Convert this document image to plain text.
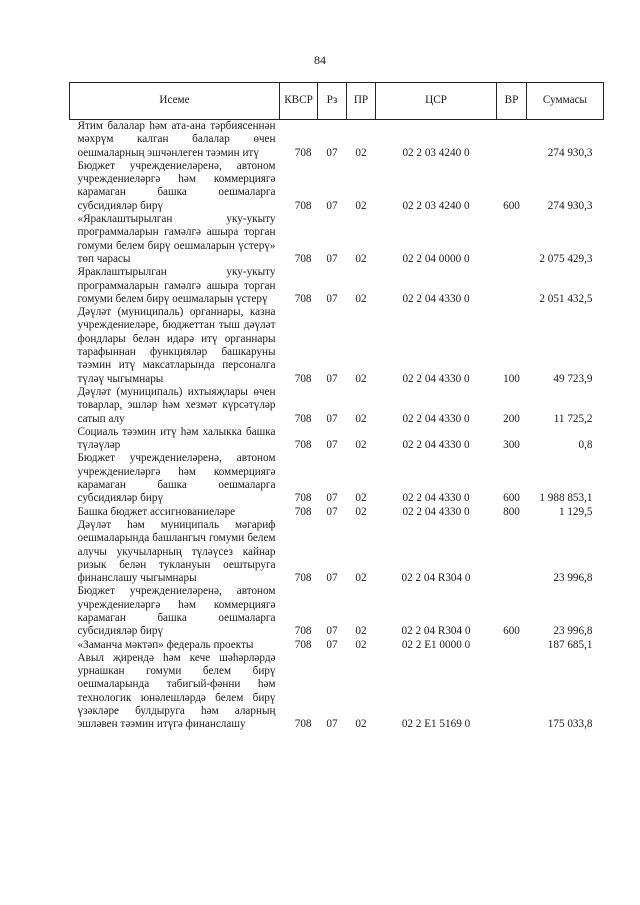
84
Исеме	КВСР	Рз	ПР	ЦСР	ВР	Суммасы
Ятим балалар һәм ата-ана тәрбиясеннән мәхрүм калган балалар өчен оешмаларның эшчәнлеген тәэмин итү	708	07	02	02 2 03 4240 0		274 930,3
Бюджет учреждениеләренә, автоном учреждениеләргә һәм коммерциягә карамаган башка оешмаларга субсидияләр бирү	708	07	02	02 2 03 4240 0	600	274 930,3
«Яраклаштырылган уку-укыту программаларын гамәлгә ашыра торган гомуми белем бирү оешмаларын үстерү» төп чарасы	708	07	02	02 2 04 0000 0		2 075 429,3
Яраклаштырылган уку-укыту программаларын гамәлгә ашыра торган гомуми белем бирү оешмаларын үстерү	708	07	02	02 2 04 4330 0		2 051 432,5
Дәүләт (муниципаль) органнары, казна учреждениеләре, бюджеттан тыш дәүләт фондлары белән идарә итү органнары тарафыннан функцияләр башкаруны тәэмин итү максатларында персоналга түләү чыгымнары	708	07	02	02 2 04 4330 0	100	49 723,9
Дәүләт (муниципаль) ихтыяҗлары өчен товарлар, эшләр һәм хезмәт күрсәтүләр сатып алу	708	07	02	02 2 04 4330 0	200	11 725,2
Социаль тәэмин итү һәм халыкка башка түләүләр	708	07	02	02 2 04 4330 0	300	0,8
Бюджет учреждениеләренә, автоном учреждениеләргә һәм коммерциягә карамаган башка оешмаларга субсидияләр бирү	708	07	02	02 2 04 4330 0	600	1 988 853,1
Башка бюджет ассигнованиеләре	708	07	02	02 2 04 4330 0	800	1 129,5
Дәүләт һәм муниципаль мәгариф оешмаларында башлангыч гомуми белем алучы укучыларның түләүсез кайнар ризык белән туклануын оештыруга финанслашу чыгымнары	708	07	02	02 2 04 R304 0		23 996,8
Бюджет учреждениеләренә, автоном учреждениеләргә һәм коммерциягә карамаган башка оешмаларга субсидияләр бирү	708	07	02	02 2 04 R304 0	600	23 996,8
«Заманча мәктәп» федераль проекты	708	07	02	02 2 E1 0000 0		187 685,1
Авыл җирендә һәм кече шәһәрләрдә урнашкан гомуми белем бирү оешмаларында табигый-фәнни һәм технологик юнәлешләрдә белем бирү үзәкләре булдыруга һәм аларның эшләвен тәэмин итүгә финанслашу	708	07	02	02 2 E1 5169 0		175 033,8
